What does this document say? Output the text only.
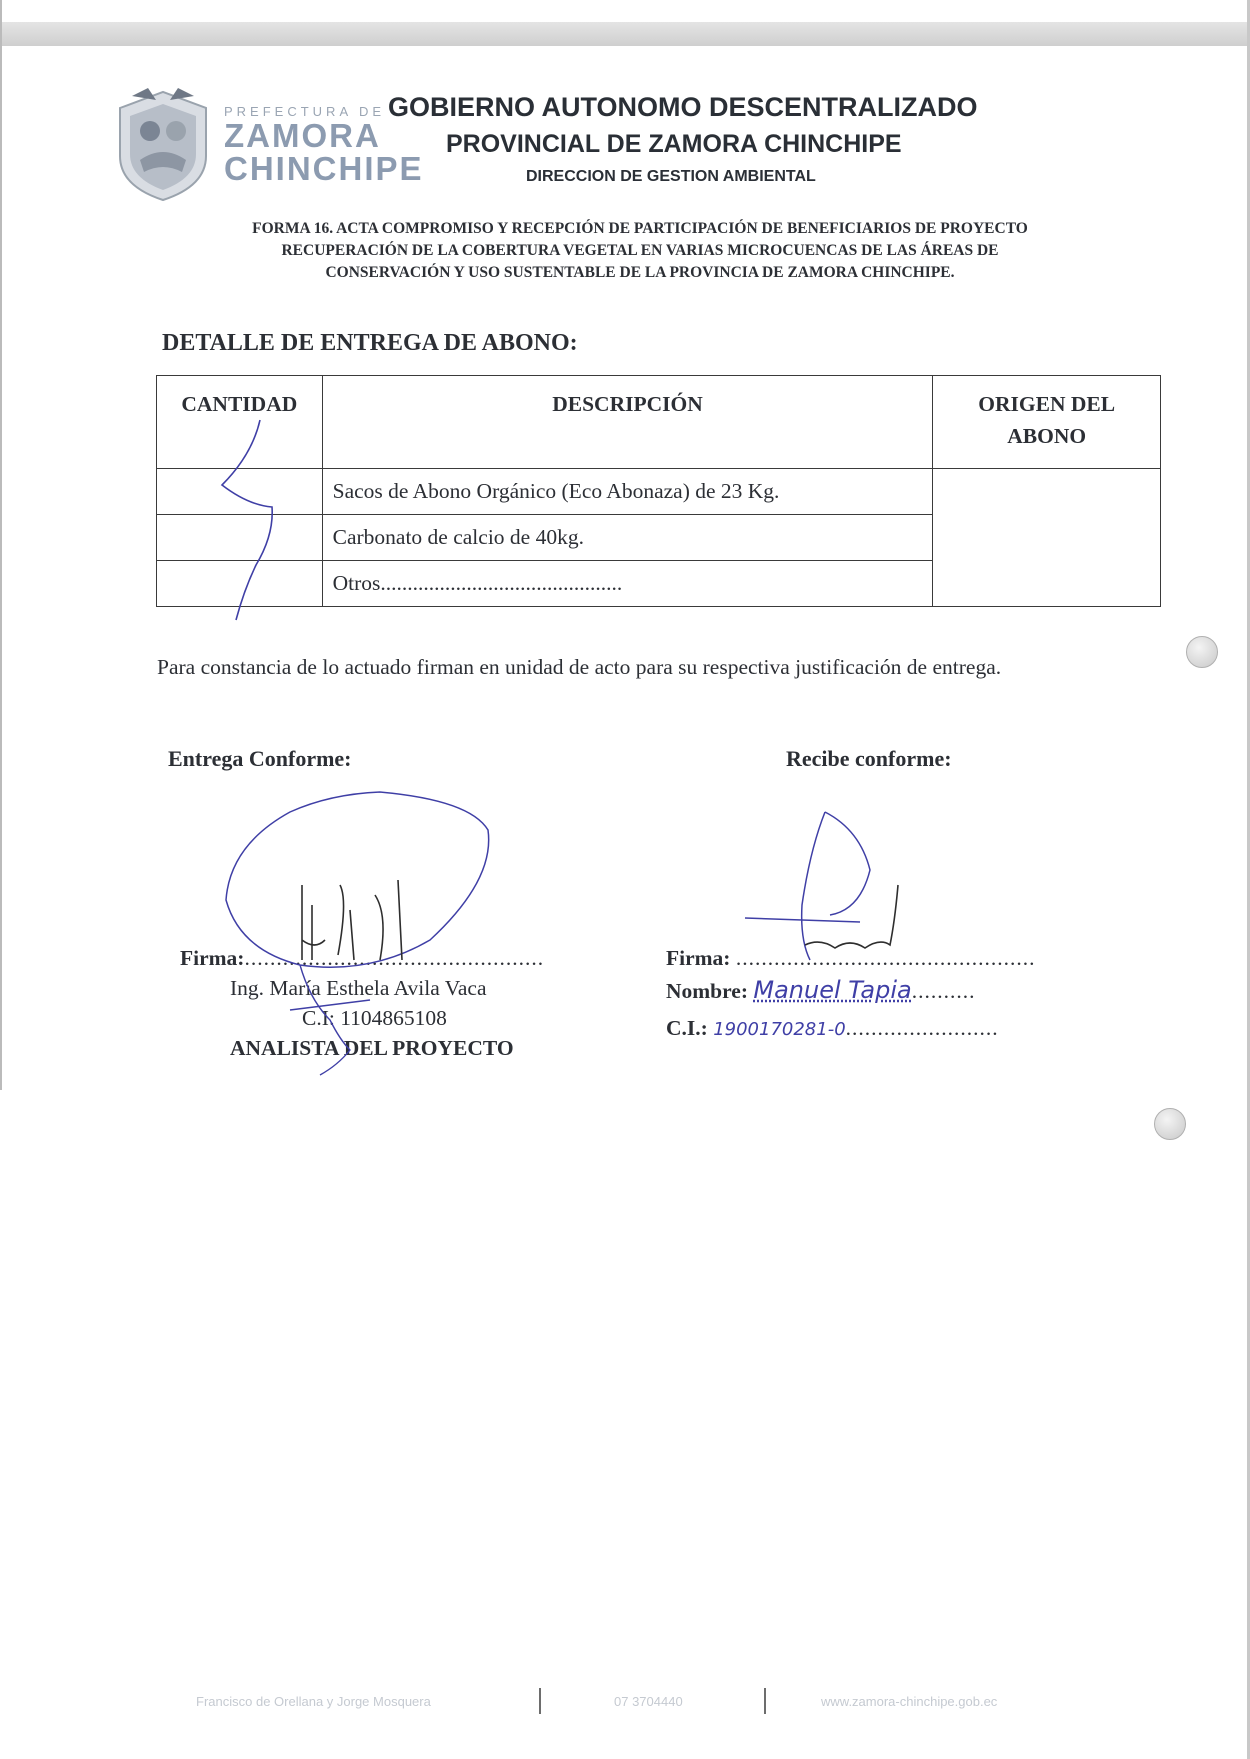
PREFECTURA DE
ZAMORA
CHINCHIPE
GOBIERNO AUTONOMO DESCENTRALIZADO
PROVINCIAL DE ZAMORA CHINCHIPE
DIRECCION DE GESTION AMBIENTAL
FORMA 16. ACTA COMPROMISO Y RECEPCIÓN DE PARTICIPACIÓN DE BENEFICIARIOS DE PROYECTO
RECUPERACIÓN DE LA COBERTURA VEGETAL EN VARIAS MICROCUENCAS DE LAS ÁREAS DE
CONSERVACIÓN Y USO SUSTENTABLE DE LA PROVINCIA DE ZAMORA CHINCHIPE.
DETALLE DE ENTREGA DE ABONO:
CANTIDAD	DESCRIPCIÓN	ORIGEN DEL
ABONO

	Sacos de Abono Orgánico (Eco Abonaza) de 23 Kg.	
	Carbonato de calcio de 40kg.	
	Otros.............................................	
Para constancia de lo actuado firman en unidad de acto para su respectiva justificación de entrega.
Entrega Conforme:	Recibe conforme:
Firma:...............................................
Ing. María Esthela Avila Vaca
C.I: 1104865108
ANALISTA DEL PROYECTO
Firma: ...............................................
Nombre: Manuel Tapia..........
C.I.: 1900170281-0........................
Francisco de Orellana y Jorge Mosquera	07 3704440	www.zamora-chinchipe.gob.ec
